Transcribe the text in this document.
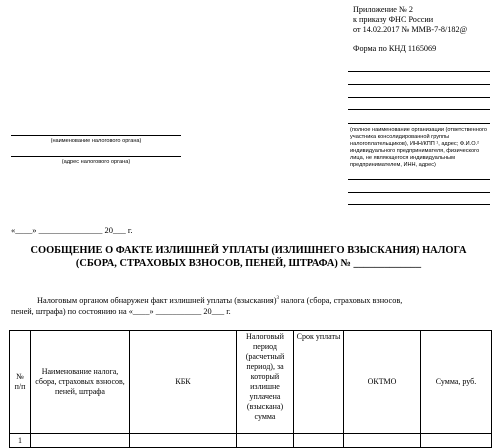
Приложение № 2
к приказу ФНС России
от 14.02.2017 № ММВ-7-8/182@
Форма по КНД 1165069
(полное наименование организации (ответственного участника консолидированной группы налогоплательщиков), ИНН/КПП ¹, адрес; Ф.И.О.² индивидуального предпринимателя, физического лица, не являющегося индивидуальным предпринимателем, ИНН, адрес)
(наименование налогового органа)
(адрес налогового органа)
«____» _______________ 20___ г.
СООБЩЕНИЕ О ФАКТЕ ИЗЛИШНЕЙ УПЛАТЫ (ИЗЛИШНЕГО ВЗЫСКАНИЯ) НАЛОГА
(СБОРА, СТРАХОВЫХ ВЗНОСОВ, ПЕНЕЙ, ШТРАФА) № _____________
Налоговым органом обнаружен факт излишней уплаты (взыскания)$^3$ налога (сбора, страховых взносов,
пеней, штрафа) по состоянию на «____» ___________ 20___ г.
№ п/п	Наименование налога, сбора, страховых взносов, пеней, штрафа	КБК	Налоговый период (расчетный период), за который излишне уплачена (взыскана) сумма	Срок уплаты	ОКТМО	Сумма, руб.
1						
